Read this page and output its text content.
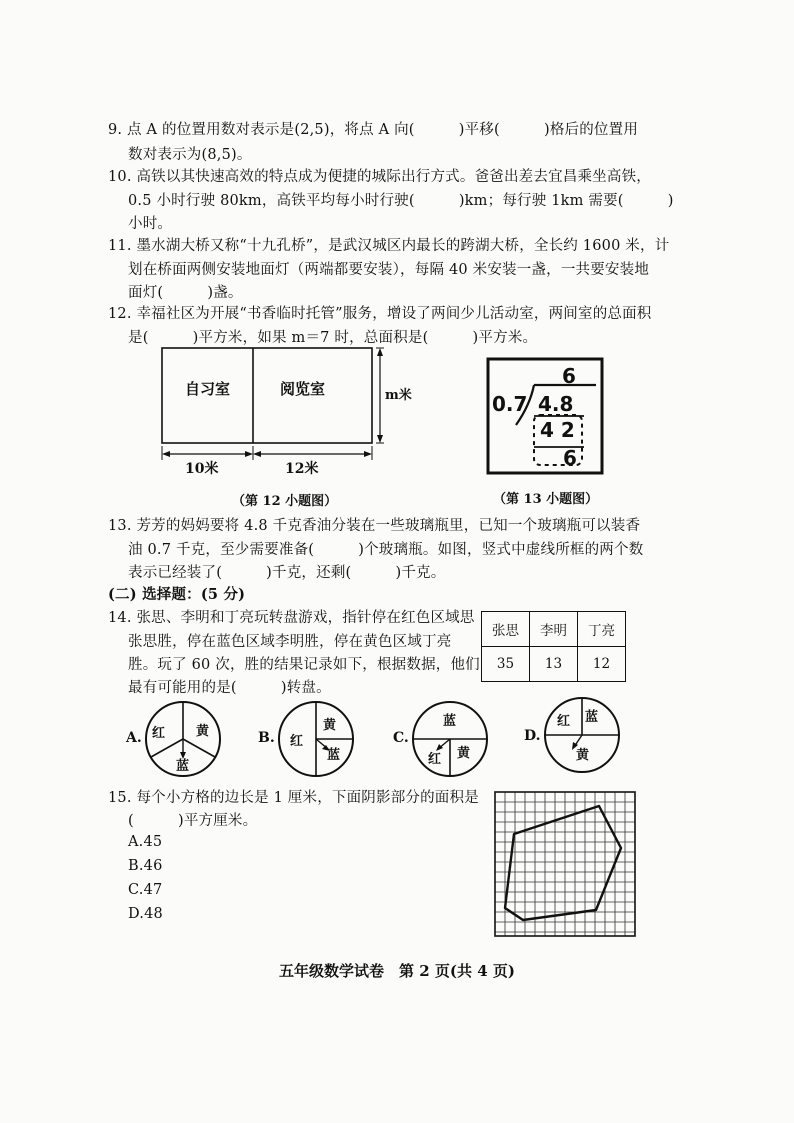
9. 点 A 的位置用数对表示是(2,5)，将点 A 向(　　　)平移(　　　)格后的位置用
数对表示为(8,5)。
10. 高铁以其快速高效的特点成为便捷的城际出行方式。爸爸出差去宜昌乘坐高铁，
0.5 小时行驶 80km，高铁平均每小时行驶(　　　)km；每行驶 1km 需要(　　　)
小时。
11. 墨水湖大桥又称“十九孔桥”，是武汉城区内最长的跨湖大桥，全长约 1600 米，计
划在桥面两侧安装地面灯（两端都要安装），每隔 40 米安装一盏，一共要安装地
面灯(　　　)盏。
12. 幸福社区为开展“书香临时托管”服务，增设了两间少儿活动室，两间室的总面积
是(　　　)平方米，如果 m＝7 时，总面积是(　　　)平方米。
自习室	阅览室	m米
10米	12米
（第 12 小题图）
6
0.7 4.8
4 2
6
（第 13 小题图）
13. 芳芳的妈妈要将 4.8 千克香油分装在一些玻璃瓶里，已知一个玻璃瓶可以装香
油 0.7 千克，至少需要准备(　　　)个玻璃瓶。如图，竖式中虚线所框的两个数
表示已经装了(　　　)千克，还剩(　　　)千克。
(二) 选择题：(5 分)
14. 张思、李明和丁亮玩转盘游戏，指针停在红色区域思
张思胜，停在蓝色区域李明胜，停在黄色区域丁亮
胜。玩了 60 次，胜的结果记录如下，根据数据，他们
最有可能用的是(　　　)转盘。
张思	李明	丁亮
35	13	12
A. 红 黄
蓝
B. 红
黄
蓝
C.
蓝
红 黄
D.
红 蓝
黄
15. 每个小方格的边长是 1 厘米，下面阴影部分的面积是
(　　　)平方厘米。
A.45
B.46
C.47
D.48
五年级数学试卷　第 2 页(共 4 页)
